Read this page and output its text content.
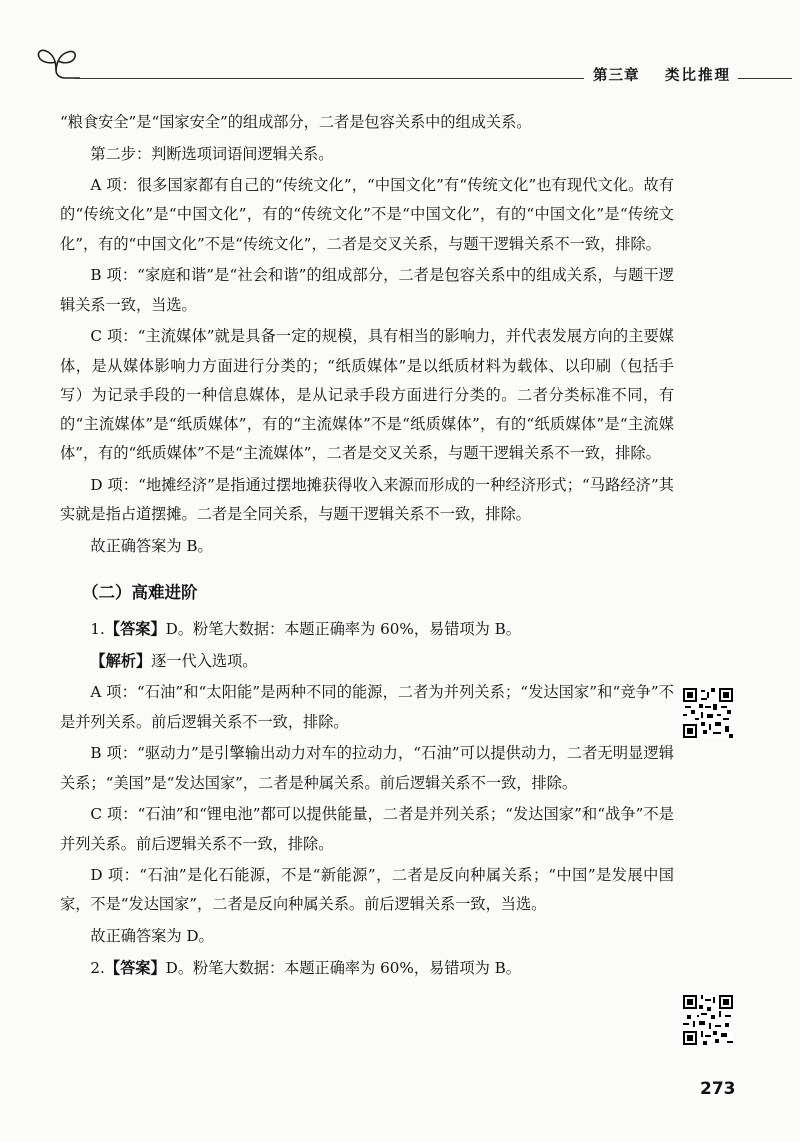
第三章 类比推理

“粮食安全”是“国家安全”的组成部分，二者是包容关系中的组成关系。

第二步：判断选项词语间逻辑关系。

A 项：很多国家都有自己的“传统文化”，“中国文化”有“传统文化”也有现代文化。故有的“传统文化”是“中国文化”，有的“传统文化”不是“中国文化”，有的“中国文化”是“传统文化”，有的“中国文化”不是“传统文化”，二者是交叉关系，与题干逻辑关系不一致，排除。

B 项：“家庭和谐”是“社会和谐”的组成部分，二者是包容关系中的组成关系，与题干逻辑关系一致，当选。

C 项：“主流媒体”就是具备一定的规模，具有相当的影响力，并代表发展方向的主要媒体，是从媒体影响力方面进行分类的；“纸质媒体”是以纸质材料为载体、以印刷（包括手写）为记录手段的一种信息媒体，是从记录手段方面进行分类的。二者分类标准不同，有的“主流媒体”是“纸质媒体”，有的“主流媒体”不是“纸质媒体”，有的“纸质媒体”是“主流媒体”，有的“纸质媒体”不是“主流媒体”，二者是交叉关系，与题干逻辑关系不一致，排除。

D 项：“地摊经济”是指通过摆地摊获得收入来源而形成的一种经济形式；“马路经济”其实就是指占道摆摊。二者是全同关系，与题干逻辑关系不一致，排除。

故正确答案为 B。

（二）高难进阶

1.【答案】D。粉笔大数据：本题正确率为 60%，易错项为 B。

【解析】逐一代入选项。

A 项：“石油”和“太阳能”是两种不同的能源，二者为并列关系；“发达国家”和“竞争”不是并列关系。前后逻辑关系不一致，排除。

B 项：“驱动力”是引擎输出动力对车的拉动力，“石油”可以提供动力，二者无明显逻辑关系；“美国”是“发达国家”，二者是种属关系。前后逻辑关系不一致，排除。

C 项：“石油”和“锂电池”都可以提供能量，二者是并列关系；“发达国家”和“战争”不是并列关系。前后逻辑关系不一致，排除。

D 项：“石油”是化石能源，不是“新能源”，二者是反向种属关系；“中国”是发展中国家，不是“发达国家”，二者是反向种属关系。前后逻辑关系一致，当选。

故正确答案为 D。

2.【答案】D。粉笔大数据：本题正确率为 60%，易错项为 B。

273
